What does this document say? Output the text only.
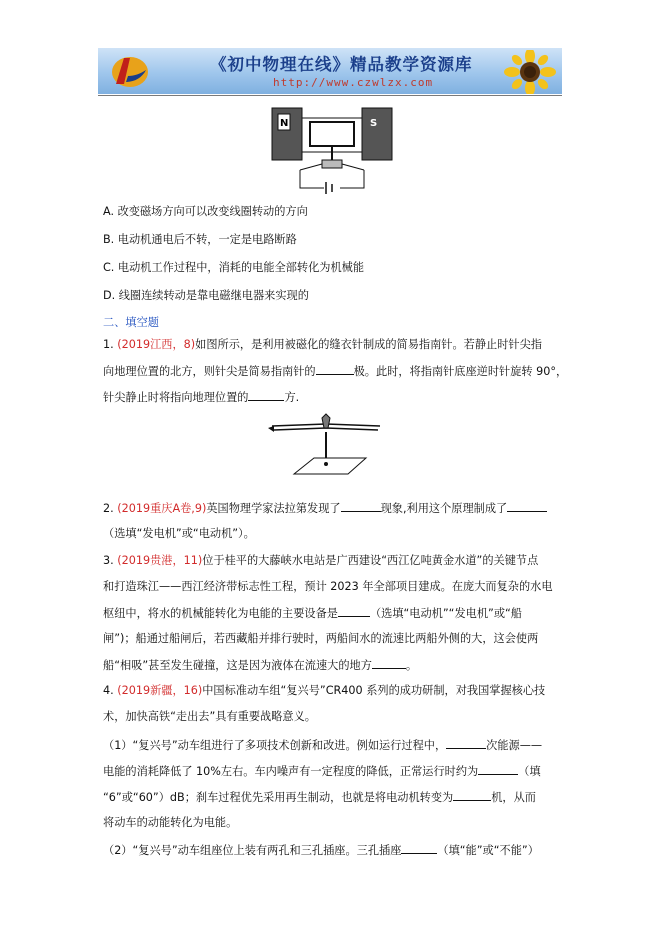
《初中物理在线》精品教学资源库
http://www.czwlzx.com
N	S
A. 改变磁场方向可以改变线圈转动的方向
B. 电动机通电后不转，一定是电路断路
C. 电动机工作过程中，消耗的电能全部转化为机械能
D. 线圈连续转动是靠电磁继电器来实现的
二、填空题
1. (2019江西，8)如图所示，是利用被磁化的缝衣针制成的简易指南针。若静止时针尖指
向地理位置的北方，则针尖是简易指南针的	极。此时，将指南针底座逆时针旋转 90°，
针尖静止时将指向地理位置的	方.
2. (2019重庆A卷,9)英国物理学家法拉第发现了	现象,利用这个原理制成了
（选填“发电机”或“电动机”）。
3. (2019贵港，11)位于桂平的大藤峡水电站是广西建设“西江亿吨黄金水道”的关键节点
和打造珠江——西江经济带标志性工程，预计 2023 年全部项目建成。在庞大而复杂的水电
枢纽中，将水的机械能转化为电能的主要设备是	（选填“电动机”“发电机”或“船
闸”)；船通过船闸后，若西藏船并排行驶时，两船间水的流速比两船外侧的大，这会使两
船“相吸”甚至发生碰撞，这是因为液体在流速大的地方	。
4. (2019新疆，16)中国标准动车组“复兴号”CR400 系列的成功研制，对我国掌握核心技
术，加快高铁“走出去”具有重要战略意义。
（1）“复兴号”动车组进行了多项技术创新和改进。例如运行过程中，	次能源——
电能的消耗降低了 10%左右。车内噪声有一定程度的降低，正常运行时约为	（填
“6”或“60”）dB；刹车过程优先采用再生制动，也就是将电动机转变为	机，从而
将动车的动能转化为电能。
（2）“复兴号”动车组座位上装有两孔和三孔插座。三孔插座	（填“能”或“不能”）
